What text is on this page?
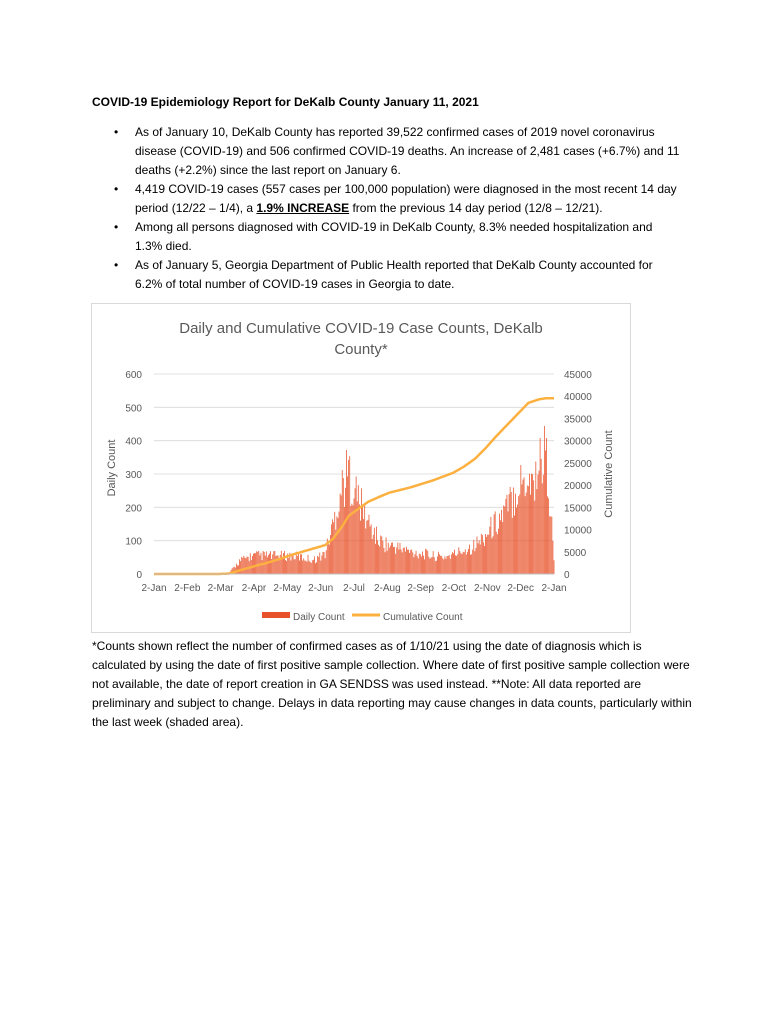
COVID-19 Epidemiology Report for DeKalb County January 11, 2021
• As of January 10, DeKalb County has reported 39,522 confirmed cases of 2019 novel coronavirus disease (COVID-19) and 506 confirmed COVID-19 deaths. An increase of 2,481 cases (+6.7%) and 11 deaths (+2.2%) since the last report on January 6.
• 4,419 COVID-19 cases (557 cases per 100,000 population) were diagnosed in the most recent 14 day period (12/22 – 1/4), a 1.9% INCREASE from the previous 14 day period (12/8 – 12/21).
• Among all persons diagnosed with COVID-19 in DeKalb County, 8.3% needed hospitalization and 1.3% died.
• As of January 5, Georgia Department of Public Health reported that DeKalb County accounted for 6.2% of total number of COVID-19 cases in Georgia to date.
Daily and Cumulative COVID-19 Case Counts, DeKalb
County*
600
500
400
300
200
100
0
45000
40000
35000
30000
25000
20000
15000
10000
5000
0
2-Jan 2-Feb 2-Mar 2-Apr 2-May 2-Jun 2-Jul 2-Aug 2-Sep 2-Oct 2-Nov 2-Dec 2-Jan
Daily Count	Cumulative Count
Daily Count	Cumulative Count

*Counts shown reflect the number of confirmed cases as of 1/10/21 using the date of diagnosis which is calculated by using the date of first positive sample collection. Where date of first positive sample collection were not available, the date of report creation in GA SENDSS was used instead. **Note: All data reported are preliminary and subject to change. Delays in data reporting may cause changes in data counts, particularly within the last week (shaded area).
